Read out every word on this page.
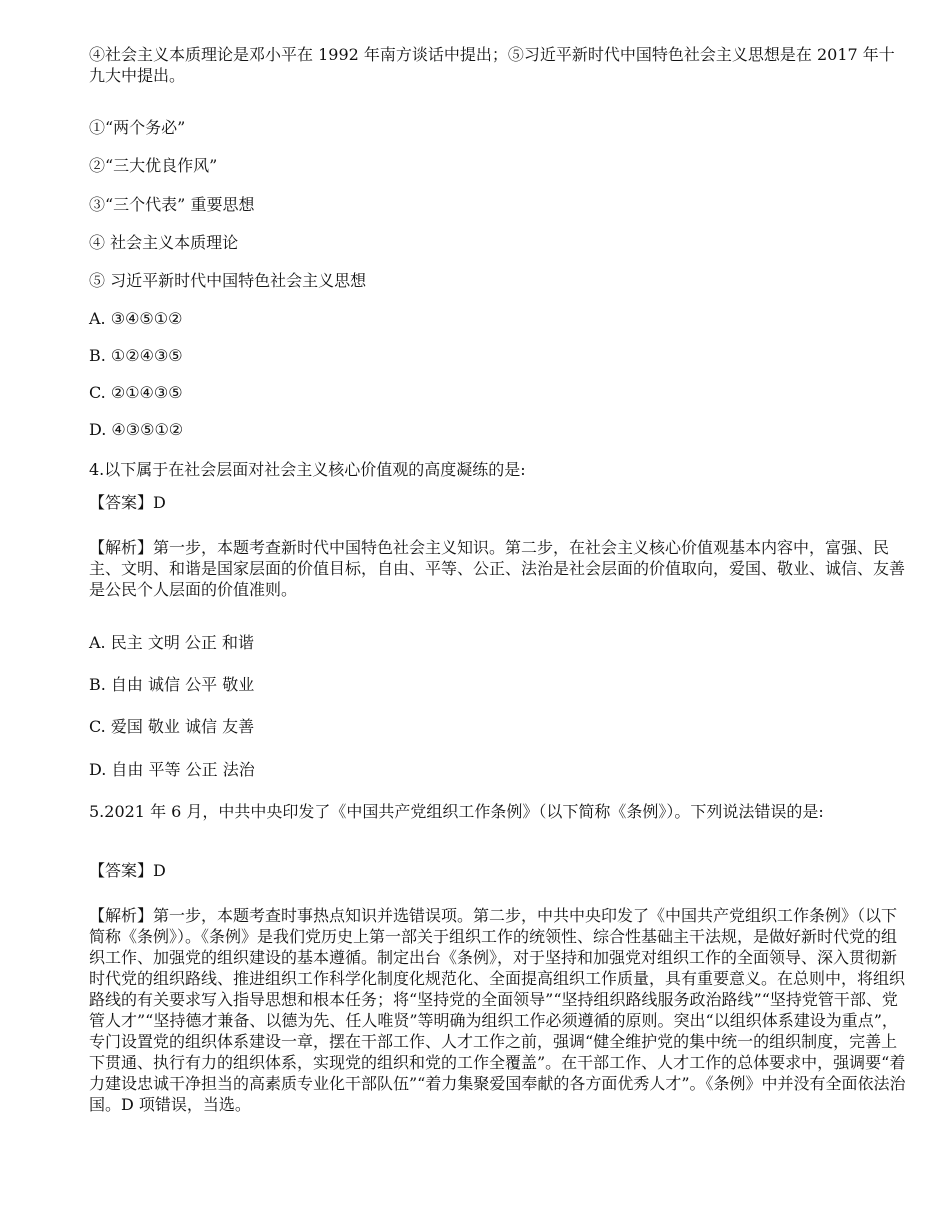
④社会主义本质理论是邓小平在 1992 年南方谈话中提出；⑤习近平新时代中国特色社会主义思想是在 2017 年十九大中提出。

①“两个务必”

②“三大优良作风”

③“三个代表” 重要思想

④ 社会主义本质理论

⑤ 习近平新时代中国特色社会主义思想

A. ③④⑤①②

B. ①②④③⑤

C. ②①④③⑤

D. ④③⑤①②

4.以下属于在社会层面对社会主义核心价值观的高度凝练的是:

【答案】D

【解析】第一步，本题考查新时代中国特色社会主义知识。第二步，在社会主义核心价值观基本内容中，富强、民主、文明、和谐是国家层面的价值目标，自由、平等、公正、法治是社会层面的价值取向，爱国、敬业、诚信、友善是公民个人层面的价值准则。

A. 民主 文明 公正 和谐

B. 自由 诚信 公平 敬业

C. 爱国 敬业 诚信 友善

D. 自由 平等 公正 法治

5.2021 年 6 月，中共中央印发了《中国共产党组织工作条例》（以下简称《条例》）。下列说法错误的是:

【答案】D

【解析】第一步，本题考查时事热点知识并选错误项。第二步，中共中央印发了《中国共产党组织工作条例》（以下简称《条例》）。《条例》是我们党历史上第一部关于组织工作的统领性、综合性基础主干法规，是做好新时代党的组织工作、加强党的组织建设的基本遵循。制定出台《条例》，对于坚持和加强党对组织工作的全面领导、深入贯彻新时代党的组织路线、推进组织工作科学化制度化规范化、全面提高组织工作质量，具有重要意义。在总则中，将组织路线的有关要求写入指导思想和根本任务；将“坚持党的全面领导”“坚持组织路线服务政治路线”“坚持党管干部、党管人才”“坚持德才兼备、以德为先、任人唯贤”等明确为组织工作必须遵循的原则。突出“以组织体系建设为重点”，专门设置党的组织体系建设一章，摆在干部工作、人才工作之前，强调“健全维护党的集中统一的组织制度，完善上下贯通、执行有力的组织体系，实现党的组织和党的工作全覆盖”。在干部工作、人才工作的总体要求中，强调要“着力建设忠诚干净担当的高素质专业化干部队伍”“着力集聚爱国奉献的各方面优秀人才”。《条例》中并没有全面依法治国。D 项错误，当选。
